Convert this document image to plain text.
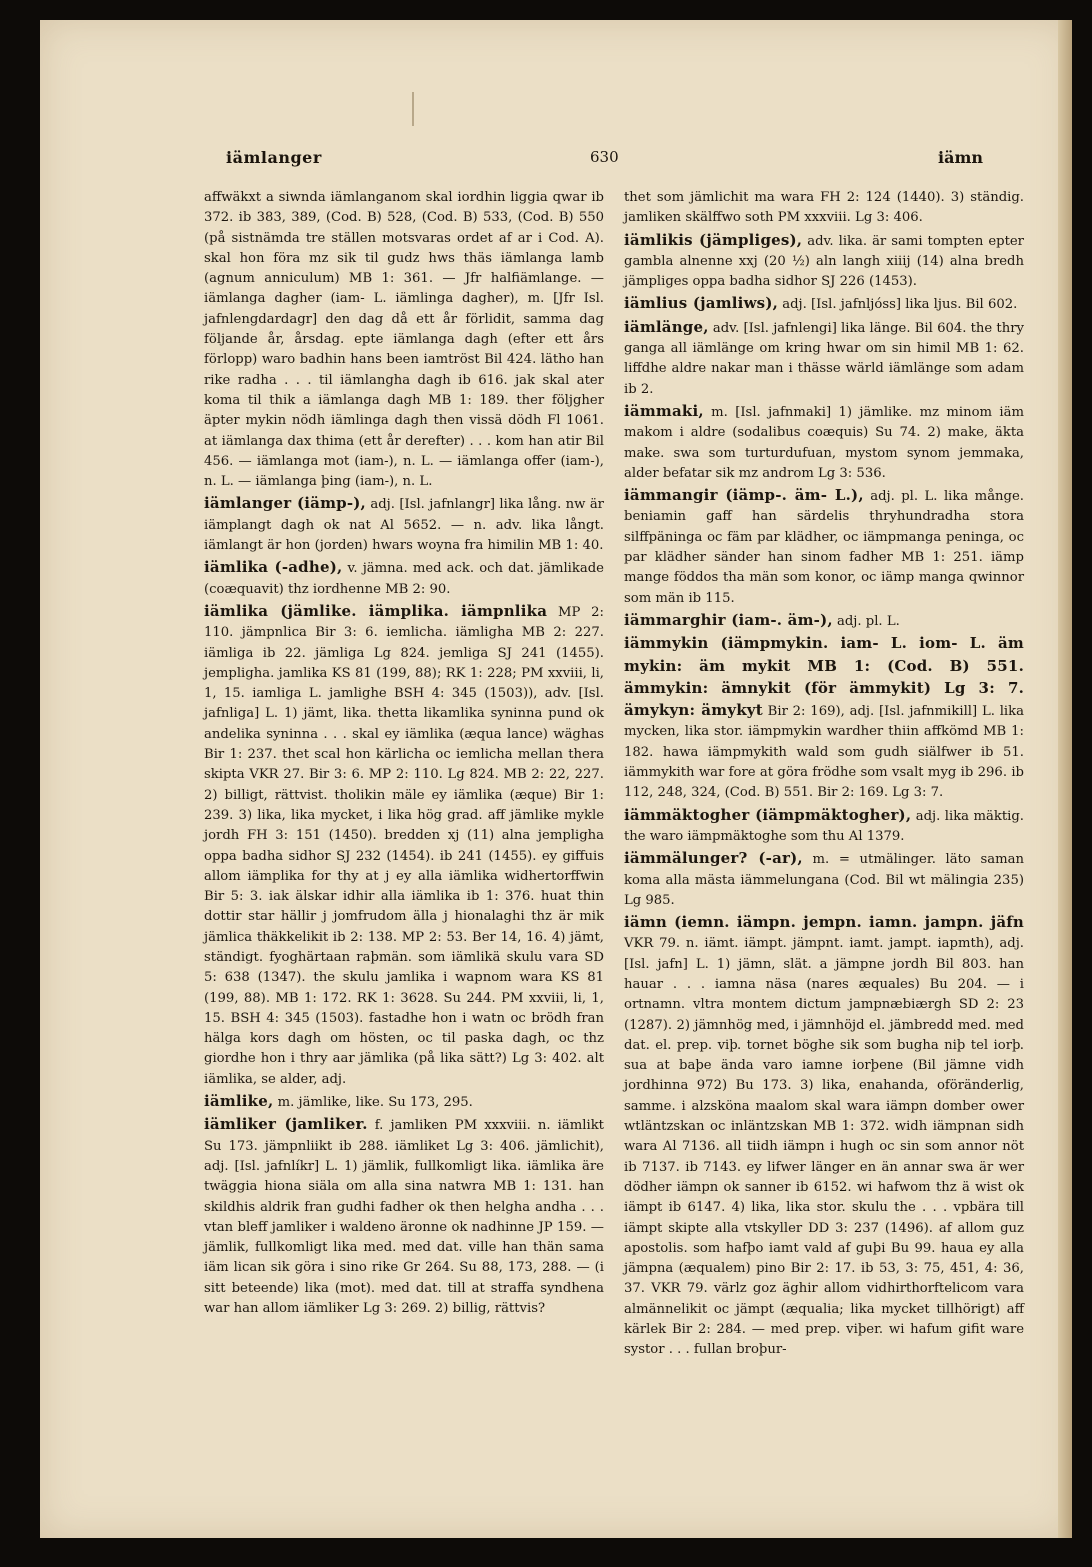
iämlanger	630	iämn

affwäkxt a siwnda iämlanganom skal iordhin liggia qwar ib 372. ib 383, 389, (Cod. B) 528, (Cod. B) 533, (Cod. B) 550 (på sistnämda tre ställen motsvaras ordet af ar i Cod. A). skal hon föra mz sik til gudz hws thäs iämlanga lamb (agnum anniculum) MB 1: 361. — Jfr halfiämlange. — iämlanga dagher (iam- L. iämlinga dagher), m. [Jfr Isl. jafnlengdardagr] den dag då ett år förlidit, samma dag följande år, årsdag. epte iämlanga dagh (efter ett års förlopp) waro badhin hans been iamtröst Bil 424. lätho han rike radha . . . til iämlangha dagh ib 616. jak skal ater koma til thik a iämlanga dagh MB 1: 189. ther följgher äpter mykin nödh iämlinga dagh then vissä dödh Fl 1061. at iämlanga dax thima (ett år derefter) . . . kom han atir Bil 456. — iämlanga mot (iam-), n. L. — iämlanga offer (iam-), n. L. — iämlanga þing (iam-), n. L.

iämlanger (iämp-), adj. [Isl. jafnlangr] lika lång. nw är iämplangt dagh ok nat Al 5652. — n. adv. lika långt. iämlangt är hon (jorden) hwars woyna fra himilin MB 1: 40.

iämlika (-adhe), v. jämna. med ack. och dat. jämlikade (coæquavit) thz iordhenne MB 2: 90.

iämlika (jämlike. iämplika. iämpnlika MP 2: 110. jämpnlica Bir 3: 6. iemlicha. iämligha MB 2: 227. iämliga ib 22. jämliga Lg 824. jemliga SJ 241 (1455). jempligha. jamlika KS 81 (199, 88); RK 1: 228; PM xxviii, li, 1, 15. iamliga L. jamlighe BSH 4: 345 (1503)), adv. [Isl. jafnliga] L. 1) jämt, lika. thetta likamlika syninna pund ok andelika syninna . . . skal ey iämlika (æqua lance) wäghas Bir 1: 237. thet scal hon kärlicha oc iemlicha mellan thera skipta VKR 27. Bir 3: 6. MP 2: 110. Lg 824. MB 2: 22, 227. 2) billigt, rättvist. tholikin mäle ey iämlika (æque) Bir 1: 239. 3) lika, lika mycket, i lika hög grad. aff jämlike mykle jordh FH 3: 151 (1450). bredden xj (11) alna jempligha oppa badha sidhor SJ 232 (1454). ib 241 (1455). ey giffuis allom iämplika for thy at j ey alla iämlika widhertorffwin Bir 5: 3. iak älskar idhir alla iämlika ib 1: 376. huat thin dottir star hällir j jomfrudom älla j hionalaghi thz är mik jämlica thäkkelikit ib 2: 138. MP 2: 53. Ber 14, 16. 4) jämt, ständigt. fyoghärtaan raþmän. som iämlikä skulu vara SD 5: 638 (1347). the skulu jamlika i wapnom wara KS 81 (199, 88). MB 1: 172. RK 1: 3628. Su 244. PM xxviii, li, 1, 15. BSH 4: 345 (1503). fastadhe hon i watn oc brödh fran hälga kors dagh om hösten, oc til paska dagh, oc thz giordhe hon i thry aar jämlika (på lika sätt?) Lg 3: 402. alt iämlika, se alder, adj.

iämlike, m. jämlike, like. Su 173, 295.

iämliker (jamliker. f. jamliken PM xxxviii. n. iämlikt Su 173. jämpnliikt ib 288. iämliket Lg 3: 406. jämlichit), adj. [Isl. jafnlíkr] L. 1) jämlik, fullkomligt lika. iämlika äre twäggia hiona siäla om alla sina natwra MB 1: 131. han skildhis aldrik fran gudhi fadher ok then helgha andha . . . vtan bleff jamliker i waldeno äronne ok nadhinne JP 159. — jämlik, fullkomligt lika med. med dat. ville han thän sama iäm lican sik göra i sino rike Gr 264. Su 88, 173, 288. — (i sitt beteende) lika (mot). med dat. till at straffa syndhena war han allom iämliker Lg 3: 269. 2) billig, rättvis?

thet som jämlichit ma wara FH 2: 124 (1440). 3) ständig. jamliken skälffwo soth PM xxxviii. Lg 3: 406.

iämlikis (jämpliges), adv. lika. är sami tompten epter gambla alnenne xxj (20 ½) aln langh xiiij (14) alna bredh jämpliges oppa badha sidhor SJ 226 (1453).

iämlius (jamliws), adj. [Isl. jafnljóss] lika ljus. Bil 602.

iämlänge, adv. [Isl. jafnlengi] lika länge. Bil 604. the thry ganga all iämlänge om kring hwar om sin himil MB 1: 62. liffdhe aldre nakar man i thässe wärld iämlänge som adam ib 2.

iämmaki, m. [Isl. jafnmaki] 1) jämlike. mz minom iäm makom i aldre (sodalibus coæquis) Su 74. 2) make, äkta make. swa som turturdufuan, mystom synom jemmaka, alder befatar sik mz androm Lg 3: 536.

iämmangir (iämp-. äm- L.), adj. pl. L. lika månge. beniamin gaff han särdelis thryhundradha stora silffpäninga oc fäm par klädher, oc iämpmanga peninga, oc par klädher sänder han sinom fadher MB 1: 251. iämp mange föddos tha män som konor, oc iämp manga qwinnor som män ib 115.

iämmarghir (iam-. äm-), adj. pl. L.

iämmykin (iämpmykin. iam- L. iom- L. äm mykin: äm mykit MB 1: (Cod. B) 551. ämmykin: ämnykit (för ämmykit) Lg 3: 7. ämykyn: ämykyt Bir 2: 169), adj. [Isl. jafnmikill] L. lika mycken, lika stor. iämpmykin wardher thiin affkömd MB 1: 182. hawa iämpmykith wald som gudh siälfwer ib 51. iämmykith war fore at göra frödhe som vsalt myg ib 296. ib 112, 248, 324, (Cod. B) 551. Bir 2: 169. Lg 3: 7.

iämmäktogher (iämpmäktogher), adj. lika mäktig. the waro iämpmäktoghe som thu Al 1379.

iämmälunger? (-ar), m. = utmälinger. läto saman koma alla mästa iämmelungana (Cod. Bil wt mälingia 235) Lg 985.

iämn (iemn. iämpn. jempn. iamn. jampn. jäfn VKR 79. n. iämt. iämpt. jämpnt. iamt. jampt. iapmth), adj. [Isl. jafn] L. 1) jämn, slät. a jämpne jordh Bil 803. han hauar . . . iamna näsa (nares æquales) Bu 204. — i ortnamn. vltra montem dictum jampnæbiærgh SD 2: 23 (1287). 2) jämnhög med, i jämnhöjd el. jämbredd med. med dat. el. prep. viþ. tornet böghe sik som bugha niþ tel iorþ. sua at baþe ända varo iamne iorþene (Bil jämne vidh jordhinna 972) Bu 173. 3) lika, enahanda, oföränderlig, samme. i alzsköna maalom skal wara iämpn domber ower wtläntzskan oc inläntzskan MB 1: 372. widh iämpnan sidh wara Al 7136. all tiidh iämpn i hugh oc sin som annor nöt ib 7137. ib 7143. ey lifwer länger en än annar swa är wer dödher iämpn ok sanner ib 6152. wi hafwom thz ä wist ok iämpt ib 6147. 4) lika, lika stor. skulu the . . . vpbära till iämpt skipte alla vtskyller DD 3: 237 (1496). af allom guz apostolis. som hafþo iamt vald af guþi Bu 99. haua ey alla jämpna (æqualem) pino Bir 2: 17. ib 53, 3: 75, 451, 4: 36, 37. VKR 79. värlz goz äghir allom vidhirthorftelicom vara almännelikit oc jämpt (æqualia; lika mycket tillhörigt) aff kärlek Bir 2: 284. — med prep. viþer. wi hafum gifit ware systor . . . fullan broþur-
